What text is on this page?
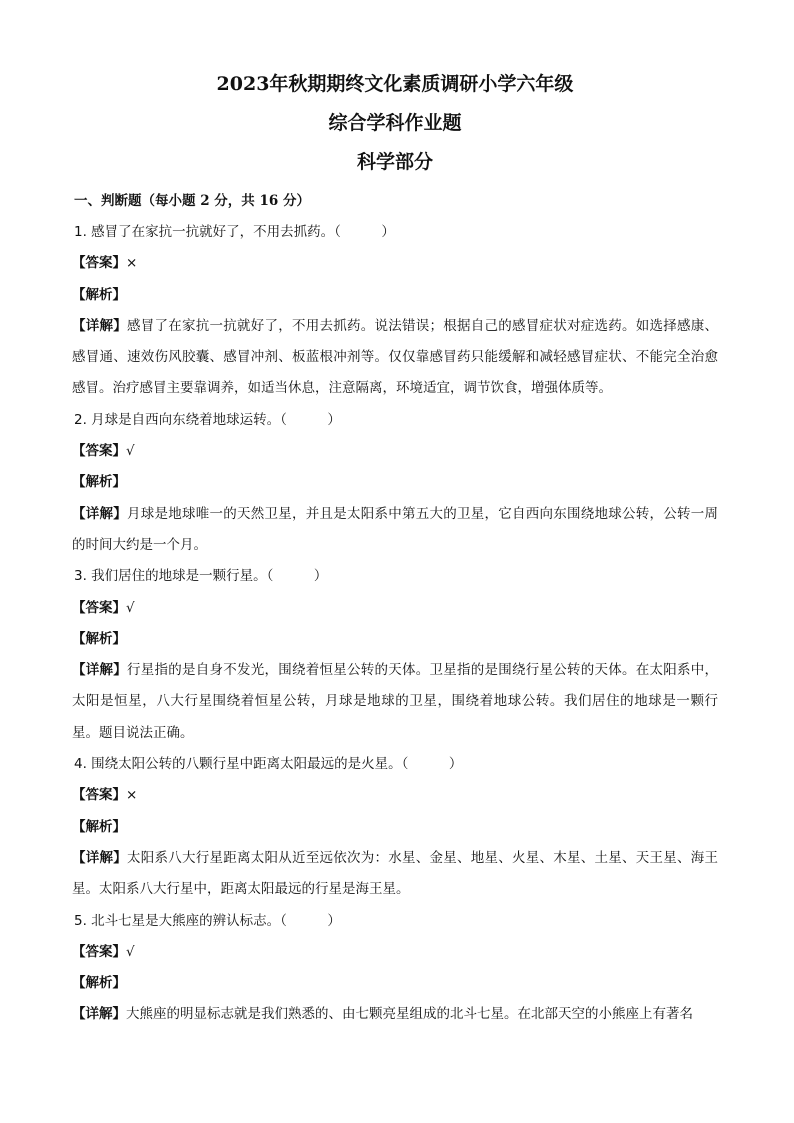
2023年秋期期终文化素质调研小学六年级
综合学科作业题
科学部分

一、判断题（每小题 2 分，共 16 分）

1. 感冒了在家抗一抗就好了，不用去抓药。（　　　）

【答案】×

【解析】

【详解】感冒了在家抗一抗就好了，不用去抓药。说法错误；根据自己的感冒症状对症选药。如选择感康、感冒通、速效伤风胶囊、感冒冲剂、板蓝根冲剂等。仅仅靠感冒药只能缓解和减轻感冒症状、不能完全治愈感冒。治疗感冒主要靠调养，如适当休息，注意隔离，环境适宜，调节饮食，增强体质等。

2. 月球是自西向东绕着地球运转。（　　　）

【答案】√

【解析】

【详解】月球是地球唯一的天然卫星，并且是太阳系中第五大的卫星，它自西向东围绕地球公转，公转一周的时间大约是一个月。

3. 我们居住的地球是一颗行星。（　　　）

【答案】√

【解析】

【详解】行星指的是自身不发光，围绕着恒星公转的天体。卫星指的是围绕行星公转的天体。在太阳系中，太阳是恒星，八大行星围绕着恒星公转，月球是地球的卫星，围绕着地球公转。我们居住的地球是一颗行星。题目说法正确。

4. 围绕太阳公转的八颗行星中距离太阳最远的是火星。（　　　）

【答案】×

【解析】

【详解】太阳系八大行星距离太阳从近至远依次为：水星、金星、地星、火星、木星、土星、天王星、海王星。太阳系八大行星中，距离太阳最远的行星是海王星。

5. 北斗七星是大熊座的辨认标志。（　　　）

【答案】√

【解析】

【详解】大熊座的明显标志就是我们熟悉的、由七颗亮星组成的北斗七星。在北部天空的小熊座上有著名
